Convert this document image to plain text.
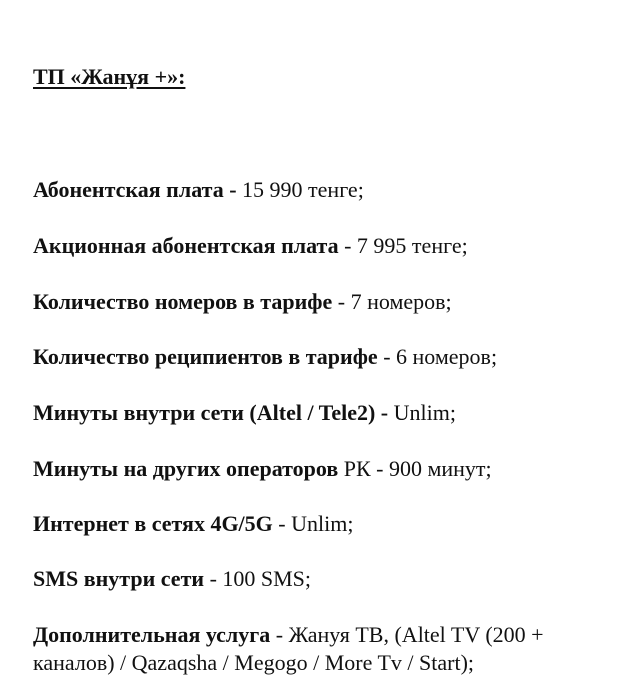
ТП «Жанұя +»:
Абонентская плата - 15 990 тенге;
Акционная абонентская плата - 7 995 тенге;
Количество номеров в тарифе - 7 номеров;
Количество реципиентов в тарифе - 6 номеров;
Минуты внутри сети (Altel / Tele2) - Unlim;
Минуты на других операторов РК - 900 минут;
Интернет в сетях 4G/5G - Unlim;
SMS внутри сети - 100 SMS;
Дополнительная услуга - Жануя ТВ, (Altel TV (200 + каналов) / Qazaqsha / Megogo / More Tv / Start);
